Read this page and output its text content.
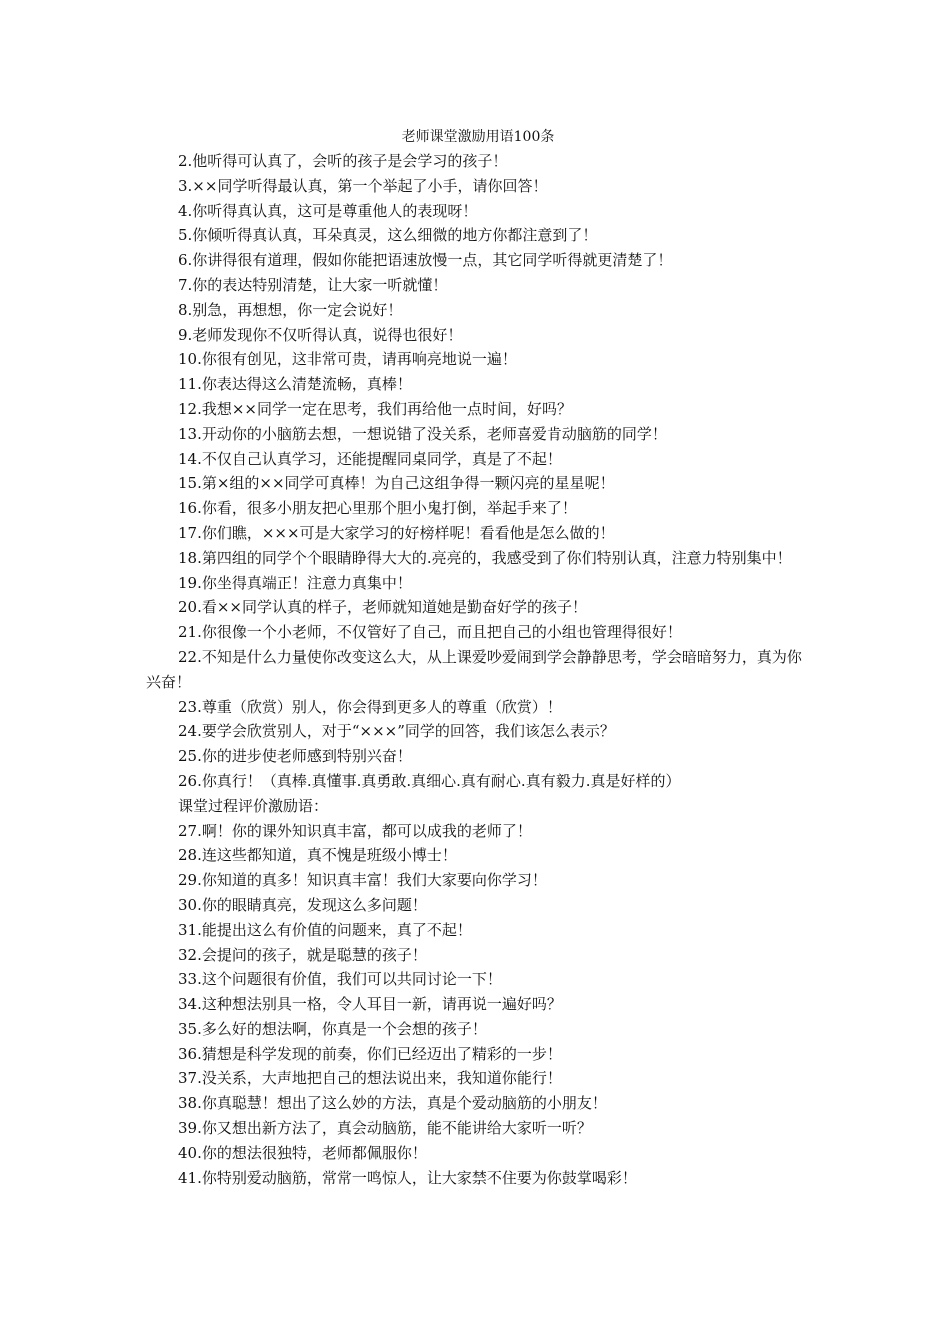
老师课堂激励用语100条
2.他听得可认真了，会听的孩子是会学习的孩子！
3.××同学听得最认真，第一个举起了小手，请你回答！
4.你听得真认真，这可是尊重他人的表现呀！
5.你倾听得真认真，耳朵真灵，这么细微的地方你都注意到了！
6.你讲得很有道理，假如你能把语速放慢一点，其它同学听得就更清楚了！
7.你的表达特别清楚，让大家一听就懂！
8.别急，再想想，你一定会说好！
9.老师发现你不仅听得认真，说得也很好！
10.你很有创见，这非常可贵，请再响亮地说一遍！
11.你表达得这么清楚流畅，真棒！
12.我想××同学一定在思考，我们再给他一点时间，好吗？
13.开动你的小脑筋去想，一想说错了没关系，老师喜爱肯动脑筋的同学！
14.不仅自己认真学习，还能提醒同桌同学，真是了不起！
15.第×组的××同学可真棒！为自己这组争得一颗闪亮的星星呢！
16.你看，很多小朋友把心里那个胆小鬼打倒，举起手来了！
17.你们瞧，×××可是大家学习的好榜样呢！看看他是怎么做的！
18.第四组的同学个个眼睛睁得大大的.亮亮的，我感受到了你们特别认真，注意力特别集中！
19.你坐得真端正！注意力真集中！
20.看××同学认真的样子，老师就知道她是勤奋好学的孩子！
21.你很像一个小老师，不仅管好了自己，而且把自己的小组也管理得很好！
22.不知是什么力量使你改变这么大，从上课爱吵爱闹到学会静静思考，学会暗暗努力，真为你兴奋！
23.尊重（欣赏）别人，你会得到更多人的尊重（欣赏）！
24.要学会欣赏别人，对于“×××”同学的回答，我们该怎么表示？
25.你的进步使老师感到特别兴奋！
26.你真行！（真棒.真懂事.真勇敢.真细心.真有耐心.真有毅力.真是好样的）
课堂过程评价激励语：
27.啊！你的课外知识真丰富，都可以成我的老师了！
28.连这些都知道，真不愧是班级小博士！
29.你知道的真多！知识真丰富！我们大家要向你学习！
30.你的眼睛真亮，发现这么多问题！
31.能提出这么有价值的问题来，真了不起！
32.会提问的孩子，就是聪慧的孩子！
33.这个问题很有价值，我们可以共同讨论一下！
34.这种想法别具一格，令人耳目一新，请再说一遍好吗？
35.多么好的想法啊，你真是一个会想的孩子！
36.猜想是科学发现的前奏，你们已经迈出了精彩的一步！
37.没关系，大声地把自己的想法说出来，我知道你能行！
38.你真聪慧！想出了这么妙的方法，真是个爱动脑筋的小朋友！
39.你又想出新方法了，真会动脑筋，能不能讲给大家听一听？
40.你的想法很独特，老师都佩服你！
41.你特别爱动脑筋，常常一鸣惊人，让大家禁不住要为你鼓掌喝彩！
